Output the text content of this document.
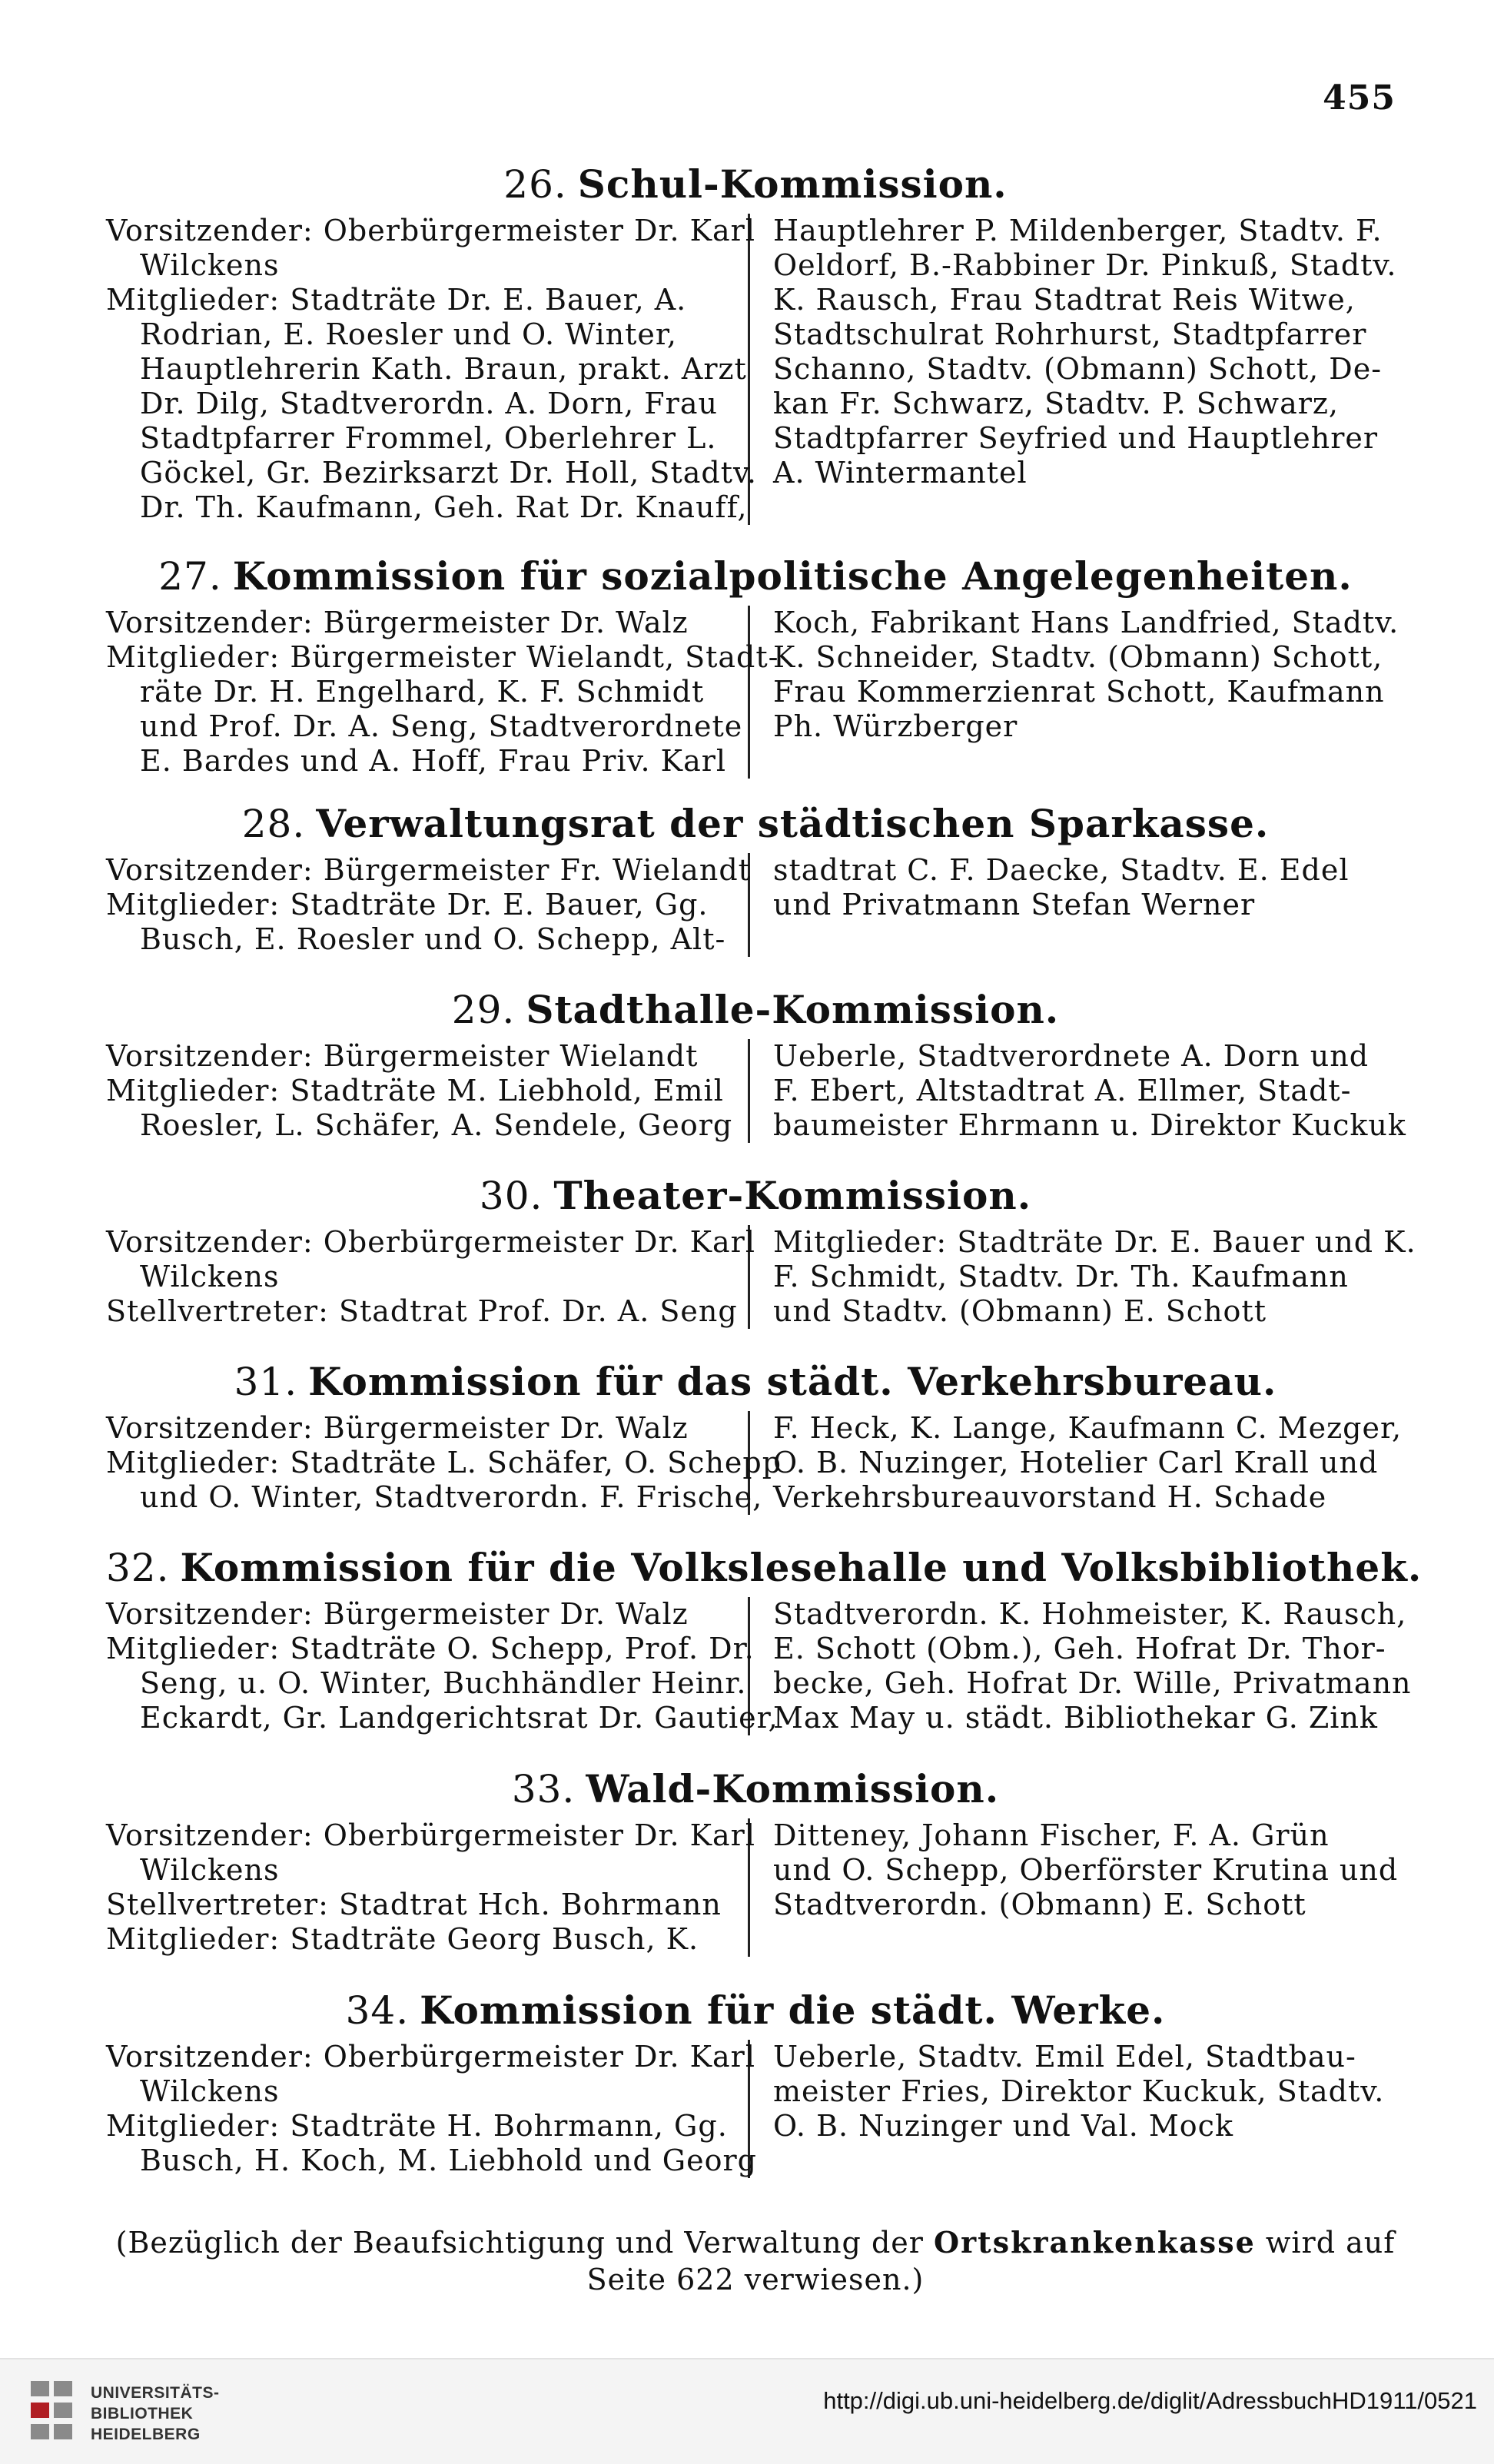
455
26. Schul-Kommission.
Vorsitzender: Oberbürgermeister Dr. Karl
Wilckens
Mitglieder: Stadträte Dr. E. Bauer, A.
Rodrian, E. Roesler und O. Winter,
Hauptlehrerin Kath. Braun, prakt. Arzt
Dr. Dilg, Stadtverordn. A. Dorn, Frau
Stadtpfarrer Frommel, Oberlehrer L.
Göckel, Gr. Bezirksarzt Dr. Holl, Stadtv.
Dr. Th. Kaufmann, Geh. Rat Dr. Knauff,
Hauptlehrer P. Mildenberger, Stadtv. F.
Oeldorf, B.-Rabbiner Dr. Pinkuß, Stadtv.
K. Rausch, Frau Stadtrat Reis Witwe,
Stadtschulrat Rohrhurst, Stadtpfarrer
Schanno, Stadtv. (Obmann) Schott, De-
kan Fr. Schwarz, Stadtv. P. Schwarz,
Stadtpfarrer Seyfried und Hauptlehrer
A. Wintermantel
27. Kommission für sozialpolitische Angelegenheiten.
Vorsitzender: Bürgermeister Dr. Walz
Mitglieder: Bürgermeister Wielandt, Stadt-
räte Dr. H. Engelhard, K. F. Schmidt
und Prof. Dr. A. Seng, Stadtverordnete
E. Bardes und A. Hoff, Frau Priv. Karl
Koch, Fabrikant Hans Landfried, Stadtv.
K. Schneider, Stadtv. (Obmann) Schott,
Frau Kommerzienrat Schott, Kaufmann
Ph. Würzberger
28. Verwaltungsrat der städtischen Sparkasse.
Vorsitzender: Bürgermeister Fr. Wielandt
Mitglieder: Stadträte Dr. E. Bauer, Gg.
Busch, E. Roesler und O. Schepp, Alt-
stadtrat C. F. Daecke, Stadtv. E. Edel
und Privatmann Stefan Werner
29. Stadthalle-Kommission.
Vorsitzender: Bürgermeister Wielandt
Mitglieder: Stadträte M. Liebhold, Emil
Roesler, L. Schäfer, A. Sendele, Georg
Ueberle, Stadtverordnete A. Dorn und
F. Ebert, Altstadtrat A. Ellmer, Stadt-
baumeister Ehrmann u. Direktor Kuckuk
30. Theater-Kommission.
Vorsitzender: Oberbürgermeister Dr. Karl
Wilckens
Stellvertreter: Stadtrat Prof. Dr. A. Seng
Mitglieder: Stadträte Dr. E. Bauer und K.
F. Schmidt, Stadtv. Dr. Th. Kaufmann
und Stadtv. (Obmann) E. Schott
31. Kommission für das städt. Verkehrsbureau.
Vorsitzender: Bürgermeister Dr. Walz
Mitglieder: Stadträte L. Schäfer, O. Schepp
und O. Winter, Stadtverordn. F. Frische,
F. Heck, K. Lange, Kaufmann C. Mezger,
O. B. Nuzinger, Hotelier Carl Krall und
Verkehrsbureauvorstand H. Schade
32. Kommission für die Volkslesehalle und Volksbibliothek.
Vorsitzender: Bürgermeister Dr. Walz
Mitglieder: Stadträte O. Schepp, Prof. Dr.
Seng, u. O. Winter, Buchhändler Heinr.
Eckardt, Gr. Landgerichtsrat Dr. Gautier,
Stadtverordn. K. Hohmeister, K. Rausch,
E. Schott (Obm.), Geh. Hofrat Dr. Thor-
becke, Geh. Hofrat Dr. Wille, Privatmann
Max May u. städt. Bibliothekar G. Zink
33. Wald-Kommission.
Vorsitzender: Oberbürgermeister Dr. Karl
Wilckens
Stellvertreter: Stadtrat Hch. Bohrmann
Mitglieder: Stadträte Georg Busch, K.
Ditteney, Johann Fischer, F. A. Grün
und O. Schepp, Oberförster Krutina und
Stadtverordn. (Obmann) E. Schott
34. Kommission für die städt. Werke.
Vorsitzender: Oberbürgermeister Dr. Karl
Wilckens
Mitglieder: Stadträte H. Bohrmann, Gg.
Busch, H. Koch, M. Liebhold und Georg
Ueberle, Stadtv. Emil Edel, Stadtbau-
meister Fries, Direktor Kuckuk, Stadtv.
O. B. Nuzinger und Val. Mock
(Bezüglich der Beaufsichtigung und Verwaltung der Ortskrankenkasse wird auf
Seite 622 verwiesen.)
UNIVERSITÄTS-
BIBLIOTHEK
HEIDELBERG
http://digi.ub.uni-heidelberg.de/diglit/AdressbuchHD1911/0521
